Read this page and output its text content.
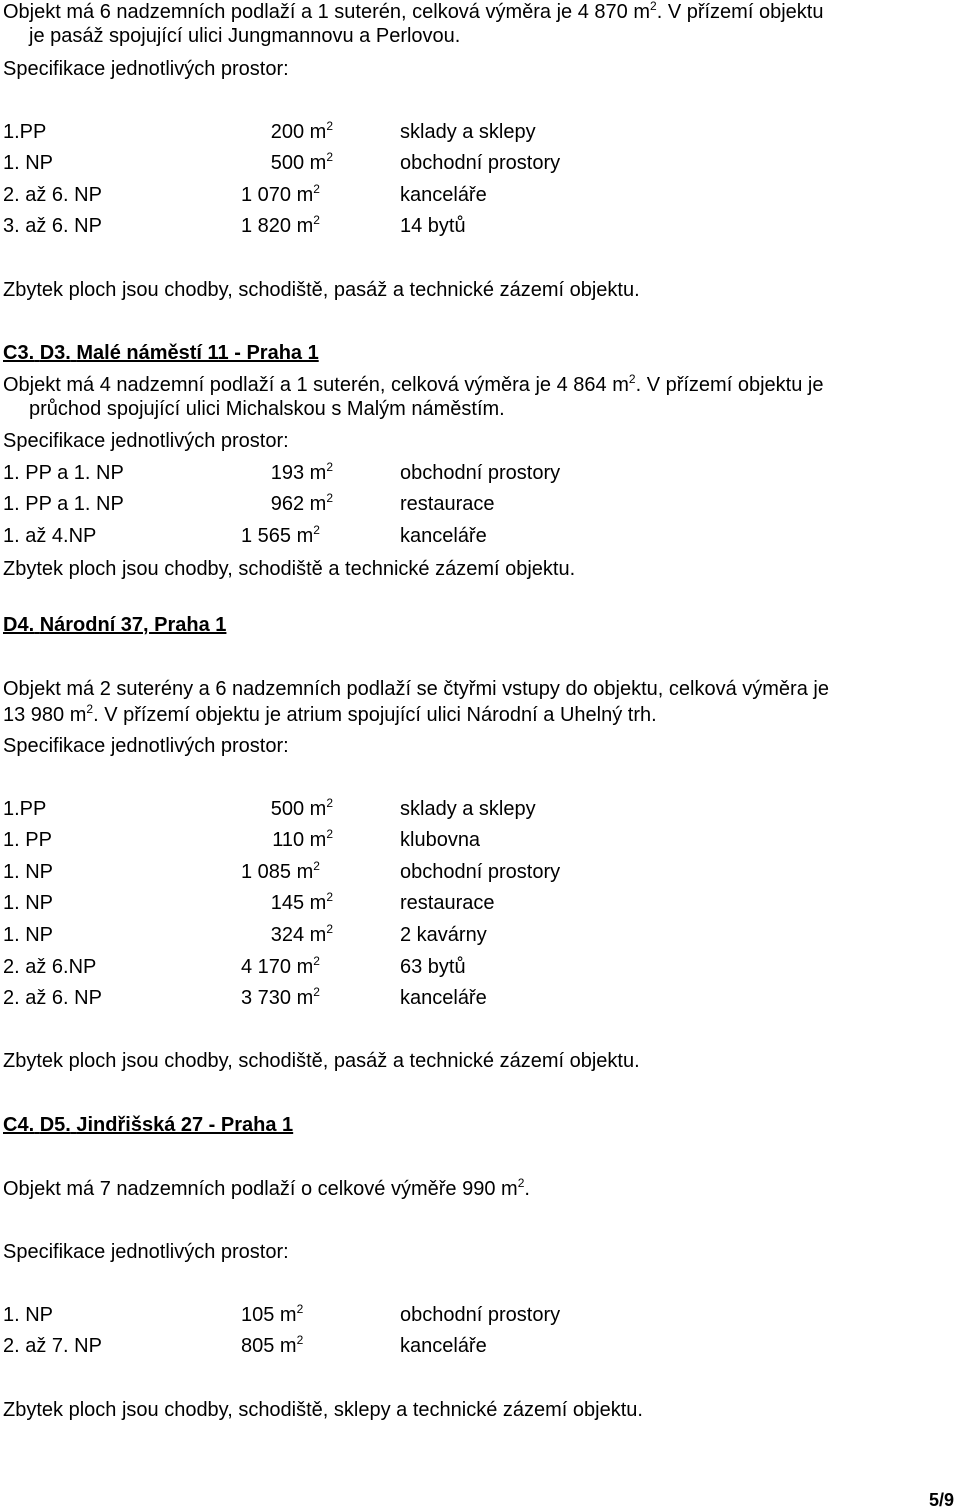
Objekt má 6 nadzemních podlaží a 1 suterén, celková výměra je 4 870 $m^2$. V přízemí objektu
je pasáž spojující ulici Jungmannovu a Perlovou.
Specifikace jednotlivých prostor:
1.PP	200 $m^2$	sklady a sklepy
1. NP	500 $m^2$	obchodní prostory
2. až 6. NP	1 070 $m^2$	kanceláře
3. až 6. NP	1 820 $m^2$	14 bytů
Zbytek ploch jsou chodby, schodiště, pasáž a technické zázemí objektu.
C3. D3. Malé náměstí 11 - Praha 1
Objekt má 4 nadzemní podlaží a 1 suterén, celková výměra je 4 864 $m^2$. V přízemí objektu je
průchod spojující ulici Michalskou s Malým náměstím.
Specifikace jednotlivých prostor:
1. PP a 1. NP	193 $m^2$	obchodní prostory
1. PP a 1. NP	962 $m^2$	restaurace
1. až 4.NP	1 565 $m^2$	kanceláře
Zbytek ploch jsou chodby, schodiště a technické zázemí objektu.
D4. Národní 37, Praha 1
Objekt má 2 suterény a 6 nadzemních podlaží se čtyřmi vstupy do objektu, celková výměra je
13 980 $m^2$. V přízemí objektu je atrium spojující ulici Národní a Uhelný trh.
Specifikace jednotlivých prostor:
1.PP	500 $m^2$	sklady a sklepy
1. PP	110 $m^2$	klubovna
1. NP	1 085 $m^2$	obchodní prostory
1. NP	145 $m^2$	restaurace
1. NP	324 $m^2$	2 kavárny
2. až 6.NP	4 170 $m^2$	63 bytů
2. až 6. NP	3 730 $m^2$	kanceláře
Zbytek ploch jsou chodby, schodiště, pasáž a technické zázemí objektu.
C4. D5. Jindřišská 27 - Praha 1
Objekt má 7 nadzemních podlaží o celkové výměře 990 $m^2$.
Specifikace jednotlivých prostor:
1. NP	105 $m^2$	obchodní prostory
2. až 7. NP	805 $m^2$	kanceláře
Zbytek ploch jsou chodby, schodiště, sklepy a technické zázemí objektu.
5/9
